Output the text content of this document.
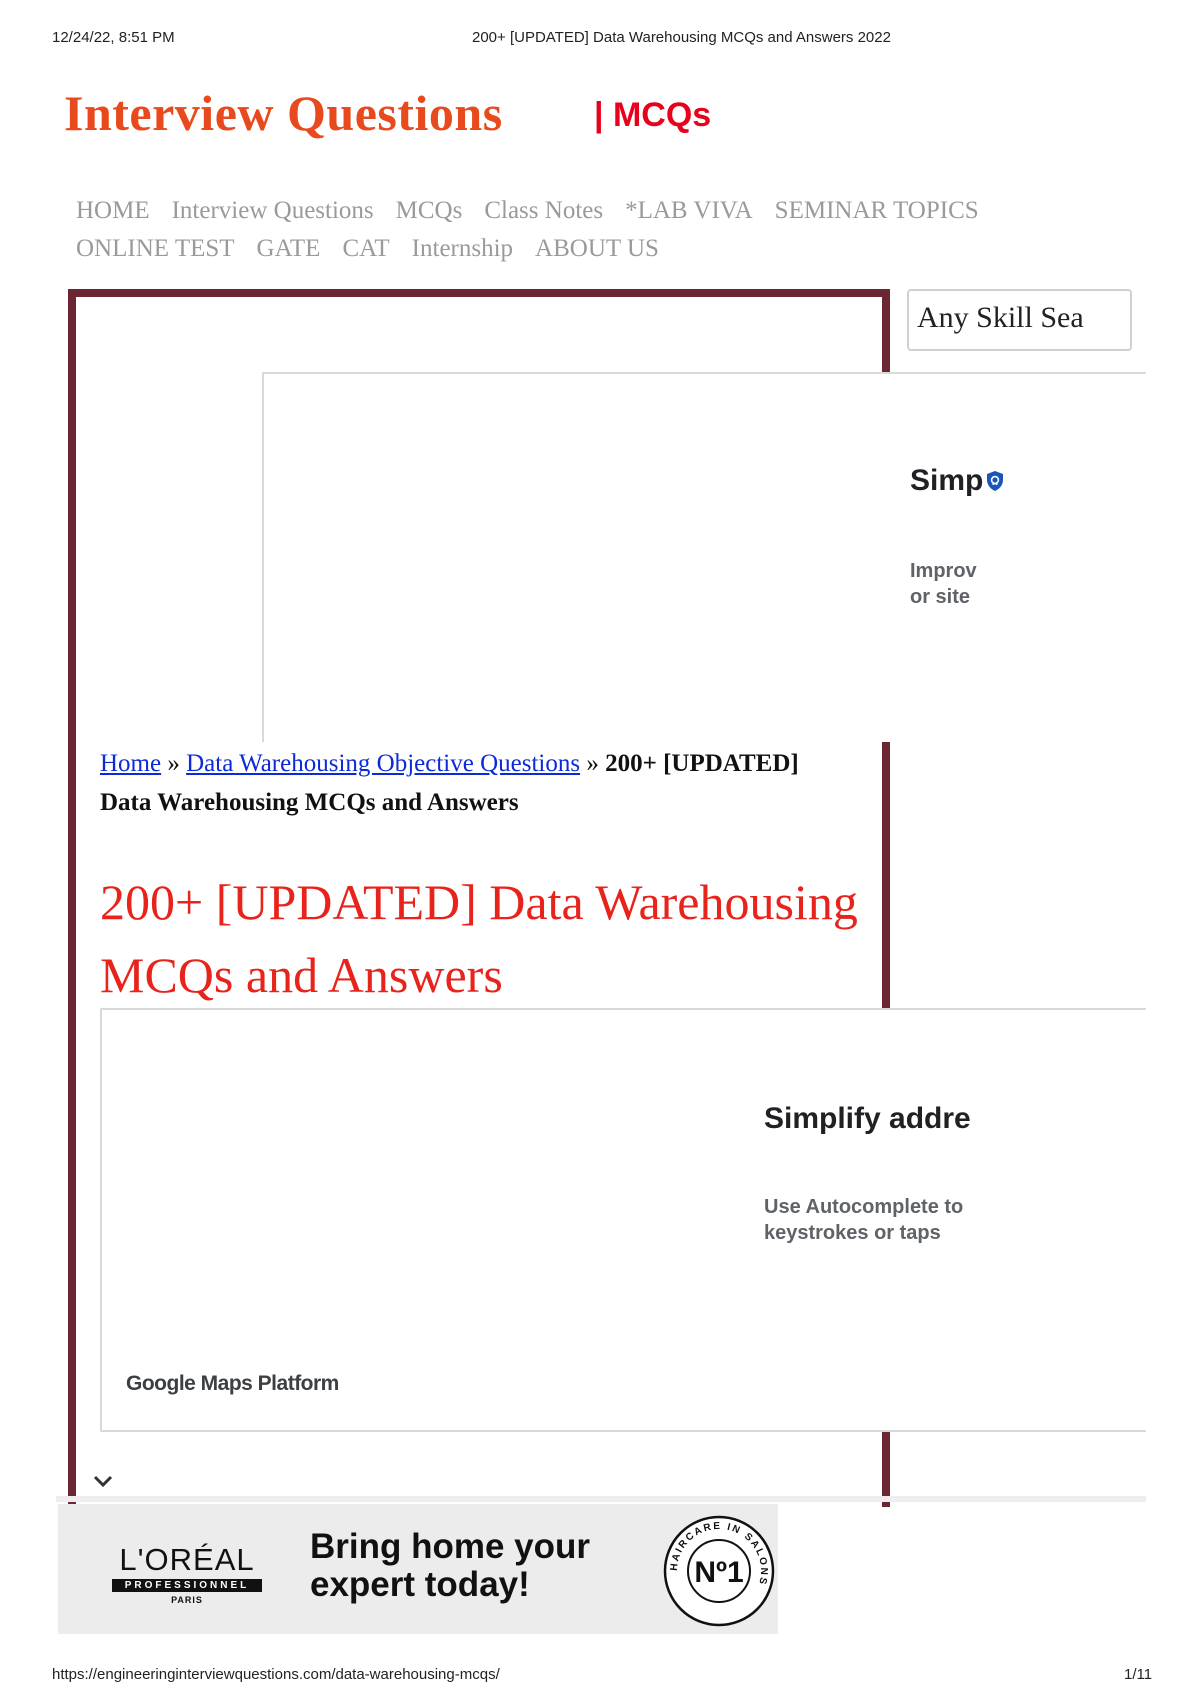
12/24/22, 8:51 PM	200+ [UPDATED] Data Warehousing MCQs and Answers 2022
Interview Questions	| MCQs
HOME Interview Questions MCQs Class Notes *LAB VIVA SEMINAR TOPICS
ONLINE TEST GATE CAT Internship ABOUT US
Any Skill Sea
Simp
Improv
or site
Home » Data Warehousing Objective Questions » 200+ [UPDATED] Data Warehousing MCQs and Answers
200+ [UPDATED] Data Warehousing MCQs and Answers
Simplify addre
Use Autocomplete to
keystrokes or taps
Google Maps Platform
L'ORÉAL
PROFESSIONNEL
PARIS
Bring home your
expert today!	HAIRCARE IN SALONS
Nº1
https://engineeringinterviewquestions.com/data-warehousing-mcqs/	1/11
